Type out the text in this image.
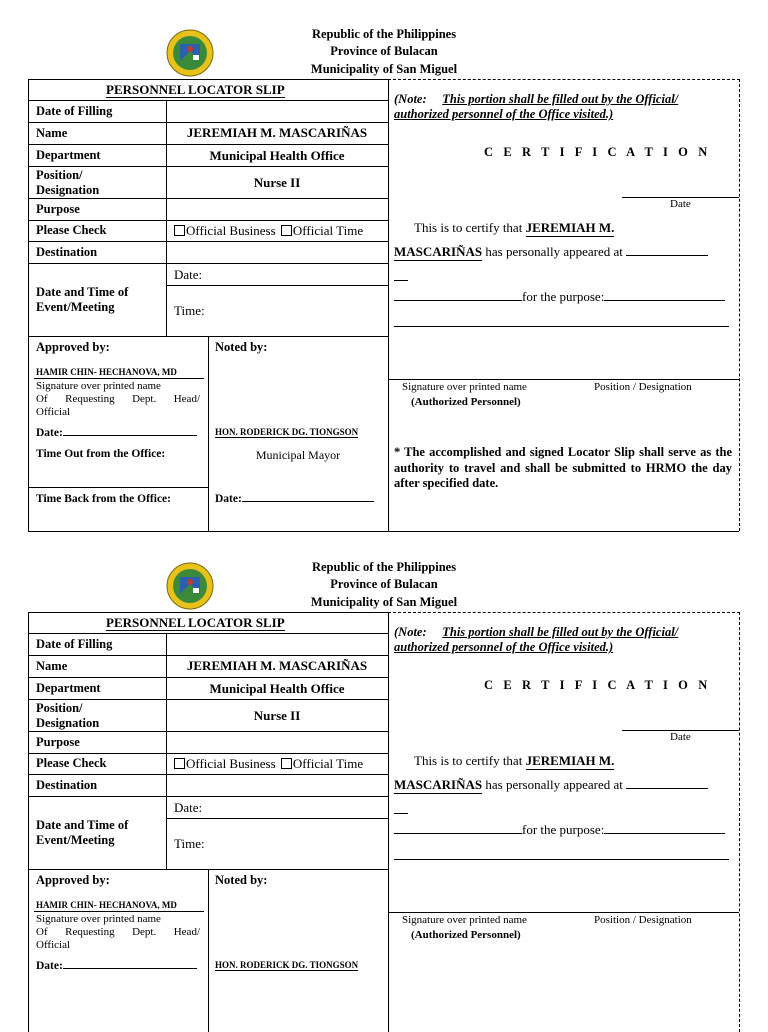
Republic of the Philippines
Province of Bulacan
Municipality of San Miguel
PERSONNEL LOCATOR SLIP
Date of Filling
Name	JEREMIAH M. MASCARIÑAS
Department	Municipal Health Office
Position/
Designation	Nurse II
Purpose
Please Check	Official Business Official Time
Destination
Date and Time of
Event/Meeting
Date:
Time:
Approved by:
HAMIR CHIN- HECHANOVA, MD
Signature over printed name
Of Requesting Dept. Head/
Official
Date:
Time Out from the Office:
Time Back from the Office:
Noted by:
HON. RODERICK DG. TIONGSON
Municipal Mayor
Date:
(Note: This portion shall be filled out by the Official/
authorized personnel of the Office visited.)
C E R T I F I C A T I O N
Date
This is to certify that JEREMIAH M.
MASCARIÑAS has personally appeared at
for the purpose:
Signature over printed name	Position / Designation
(Authorized Personnel)
* The accomplished and signed Locator Slip shall serve as the authority to travel and shall be submitted to HRMO the day after specified date.
Republic of the Philippines
Province of Bulacan
Municipality of San Miguel
PERSONNEL LOCATOR SLIP
Date of Filling
Name	JEREMIAH M. MASCARIÑAS
Department	Municipal Health Office
Position/
Designation	Nurse II
Purpose
Please Check	Official Business Official Time
Destination
Date and Time of
Event/Meeting
Date:
Time:
Approved by:
HAMIR CHIN- HECHANOVA, MD
Signature over printed name
Of Requesting Dept. Head/
Official
Date:
Noted by:
HON. RODERICK DG. TIONGSON
(Note: This portion shall be filled out by the Official/
authorized personnel of the Office visited.)
C E R T I F I C A T I O N
Date
This is to certify that JEREMIAH M.
MASCARIÑAS has personally appeared at
for the purpose:
Signature over printed name	Position / Designation
(Authorized Personnel)
